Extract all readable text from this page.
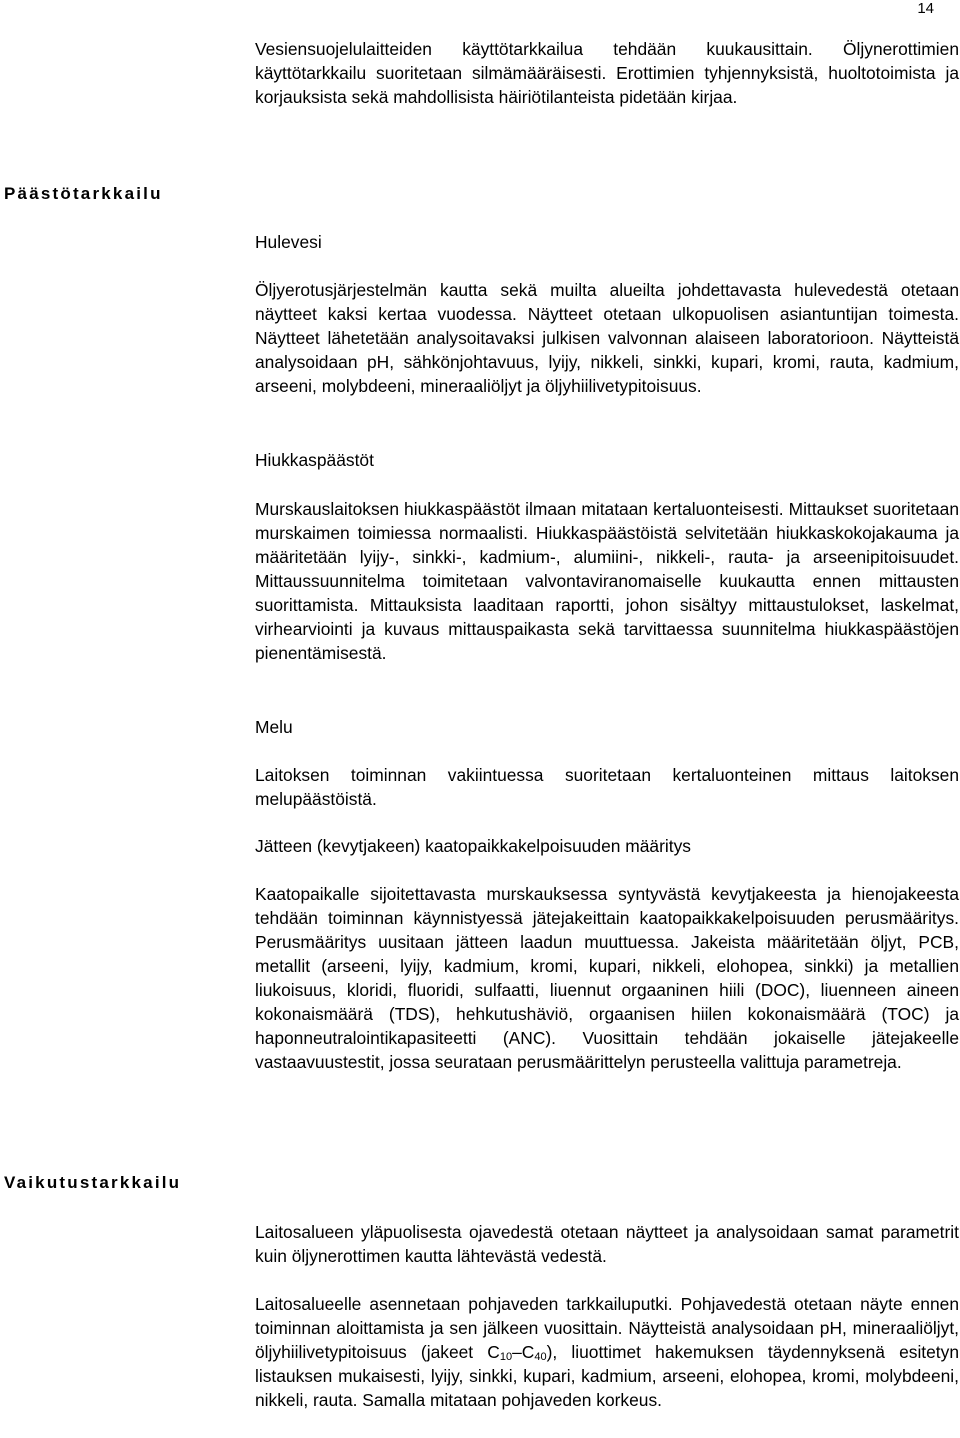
14

Vesiensuojelulaitteiden käyttötarkkailua tehdään kuukausittain. Öljynerottimien käyttötarkkailu suoritetaan silmämääräisesti. Erottimien tyhjennyksistä, huoltotoimista ja korjauksista sekä mahdollisista häiriötilanteista pidetään kirjaa.

Päästötarkkailu

Hulevesi

Öljyerotusjärjestelmän kautta sekä muilta alueilta johdettavasta hulevedestä otetaan näytteet kaksi kertaa vuodessa. Näytteet otetaan ulkopuolisen asiantuntijan toimesta. Näytteet lähetetään analysoitavaksi julkisen valvonnan alaiseen laboratorioon. Näytteistä analysoidaan pH, sähkönjohtavuus, lyijy, nikkeli, sinkki, kupari, kromi, rauta, kadmium, arseeni, molybdeeni, mineraaliöljyt ja öljyhiilivetypitoisuus.

Hiukkaspäästöt

Murskauslaitoksen hiukkaspäästöt ilmaan mitataan kertaluonteisesti. Mittaukset suoritetaan murskaimen toimiessa normaalisti. Hiukkaspäästöistä selvitetään hiukkaskokojakauma ja määritetään lyijy-, sinkki-, kadmium-, alumiini-, nikkeli-, rauta- ja arseenipitoisuudet. Mittaussuunnitelma toimitetaan valvontaviranomaiselle kuukautta ennen mittausten suorittamista. Mittauksista laaditaan raportti, johon sisältyy mittaustulokset, laskelmat, virhearviointi ja kuvaus mittauspaikasta sekä tarvittaessa suunnitelma hiukkaspäästöjen pienentämisestä.

Melu

Laitoksen toiminnan vakiintuessa suoritetaan kertaluonteinen mittaus laitoksen melupäästöistä.

Jätteen (kevytjakeen) kaatopaikkakelpoisuuden määritys

Kaatopaikalle sijoitettavasta murskauksessa syntyvästä kevytjakeesta ja hienojakeesta tehdään toiminnan käynnistyessä jätejakeittain kaatopaikkakelpoisuuden perusmääritys. Perusmääritys uusitaan jätteen laadun muuttuessa. Jakeista määritetään öljyt, PCB, metallit (arseeni, lyijy, kadmium, kromi, kupari, nikkeli, elohopea, sinkki) ja metallien liukoisuus, kloridi, fluoridi, sulfaatti, liuennut orgaaninen hiili (DOC), liuenneen aineen kokonaismäärä (TDS), hehkutushäviö, orgaanisen hiilen kokonaismäärä (TOC) ja haponneutralointikapasiteetti (ANC). Vuosittain tehdään jokaiselle jätejakeelle vastaavuustestit, jossa seurataan perusmäärittelyn perusteella valittuja parametreja.

Vaikutustarkkailu

Laitosalueen yläpuolisesta ojavedestä otetaan näytteet ja analysoidaan samat parametrit kuin öljynerottimen kautta lähtevästä vedestä.

Laitosalueelle asennetaan pohjaveden tarkkailuputki. Pohjavedestä otetaan näyte ennen toiminnan aloittamista ja sen jälkeen vuosittain. Näytteistä analysoidaan pH, mineraaliöljyt, öljyhiilivetypitoisuus (jakeet $C_{10}-C_{40}$), liuottimet hakemuksen täydennyksenä esitetyn listauksen mukaisesti, lyijy, sinkki, kupari, kadmium, arseeni, elohopea, kromi, molybdeeni, nikkeli, rauta. Samalla mitataan pohjaveden korkeus.
